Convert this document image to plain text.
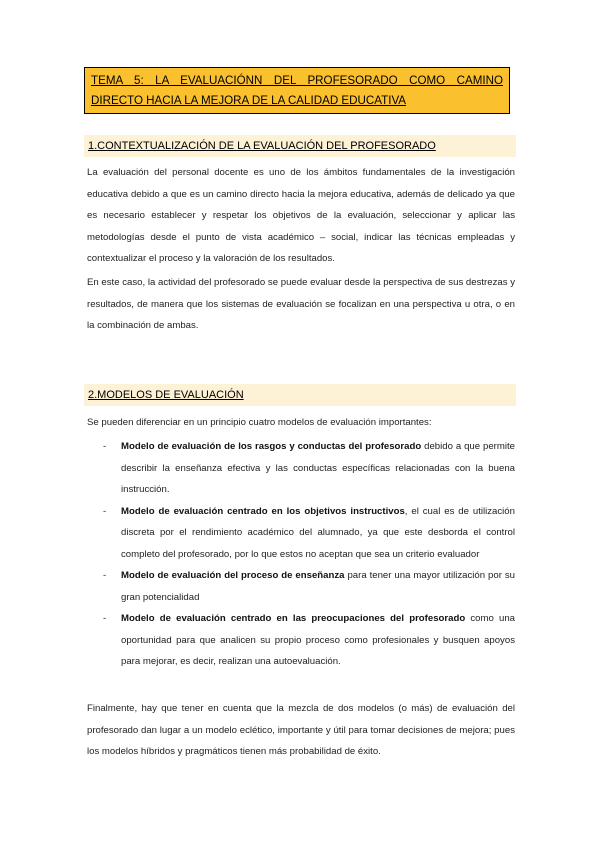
TEMA 5: LA EVALUACIÓNN DEL PROFESORADO COMO CAMINO
DIRECTO HACIA LA MEJORA DE LA CALIDAD EDUCATIVA
1.CONTEXTUALIZACIÓN DE LA EVALUACIÓN DEL PROFESORADO
La evaluación del personal docente es uno de los ámbitos fundamentales de la investigación educativa debido a que es un camino directo hacia la mejora educativa, además de delicado ya que es necesario establecer y respetar los objetivos de la evaluación, seleccionar y aplicar las metodologías desde el punto de vista académico – social, indicar las técnicas empleadas y contextualizar el proceso y la valoración de los resultados.
En este caso, la actividad del profesorado se puede evaluar desde la perspectiva de sus destrezas y resultados, de manera que los sistemas de evaluación se focalizan en una perspectiva u otra, o en la combinación de ambas.
2.MODELOS DE EVALUACIÓN
Se pueden diferenciar en un principio cuatro modelos de evaluación importantes:
- Modelo de evaluación de los rasgos y conductas del profesorado debido a que permite describir la enseñanza efectiva y las conductas específicas relacionadas con la buena instrucción.
- Modelo de evaluación centrado en los objetivos instructivos, el cual es de utilización discreta por el rendimiento académico del alumnado, ya que este desborda el control completo del profesorado, por lo que estos no aceptan que sea un criterio evaluador
- Modelo de evaluación del proceso de enseñanza para tener una mayor utilización por su gran potencialidad
- Modelo de evaluación centrado en las preocupaciones del profesorado como una oportunidad para que analicen su propio proceso como profesionales y busquen apoyos para mejorar, es decir, realizan una autoevaluación.
Finalmente, hay que tener en cuenta que la mezcla de dos modelos (o más) de evaluación del profesorado dan lugar a un modelo eclético, importante y útil para tomar decisiones de mejora; pues los modelos híbridos y pragmáticos tienen más probabilidad de éxito.
